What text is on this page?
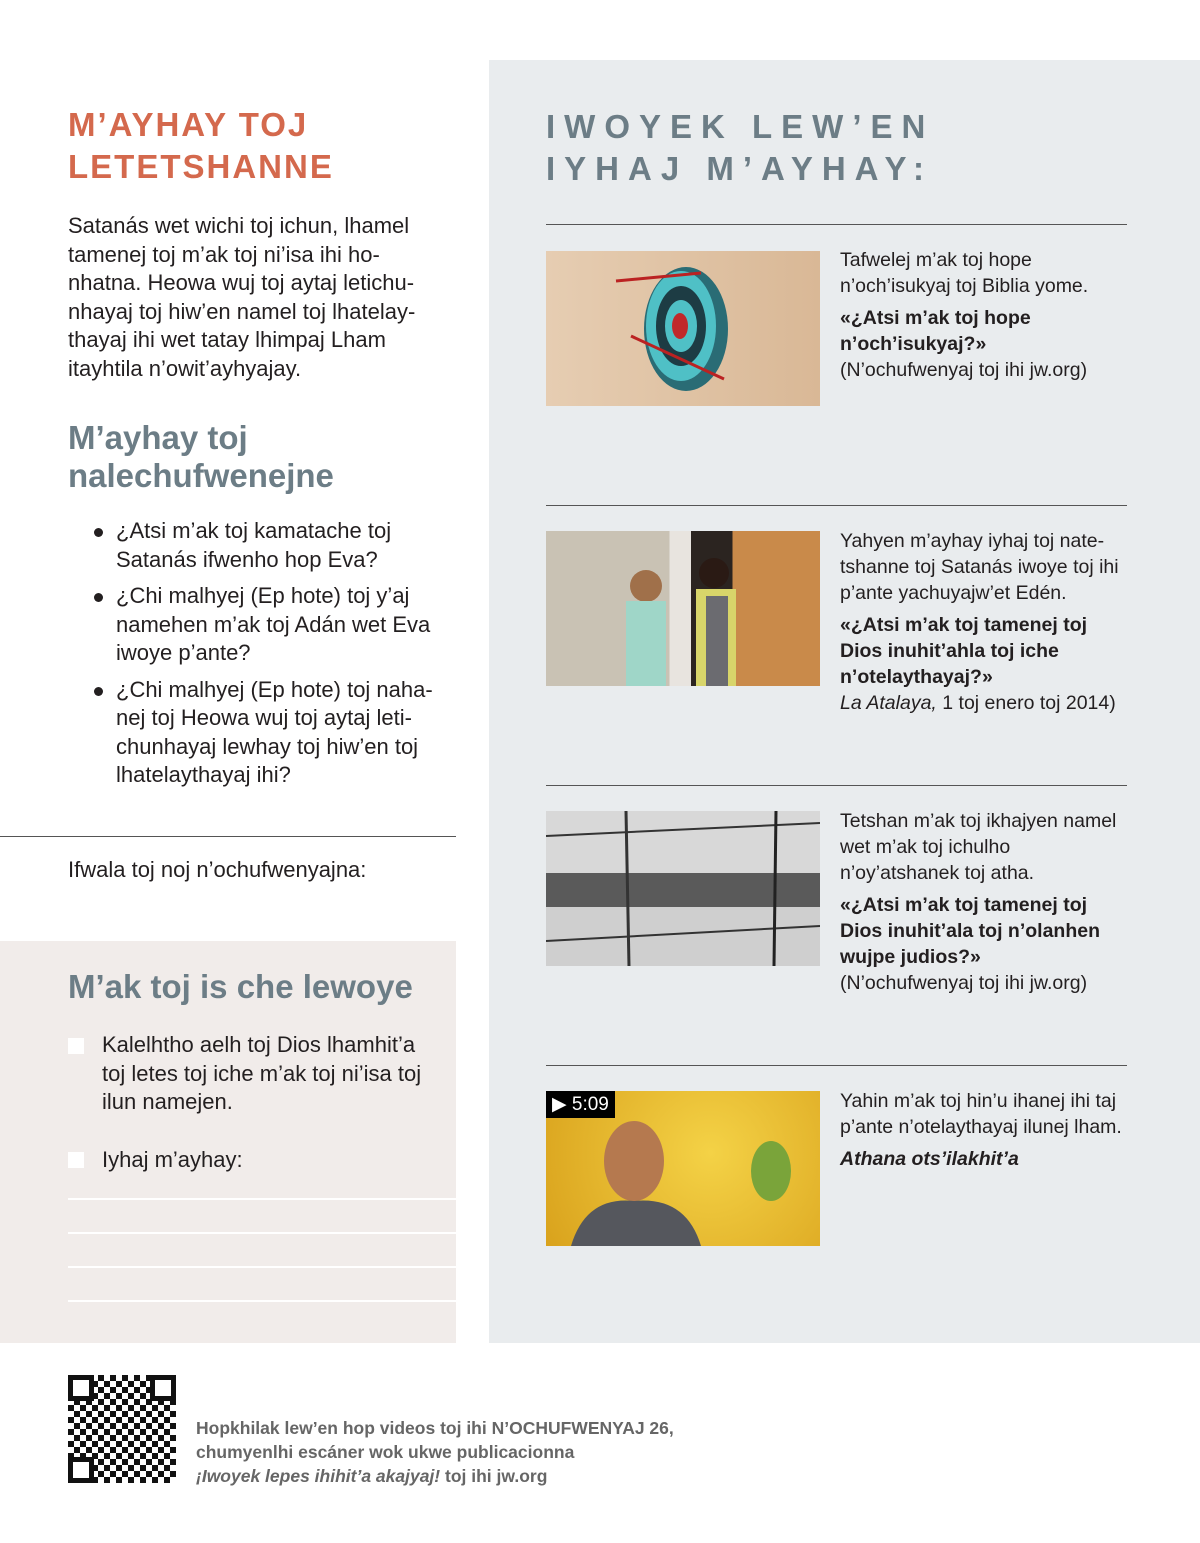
M’AYHAY TOJ
LETETSHANNE
Satanás wet wichi toj ichun, lhamel tamenej toj m’ak toj ni’isa ihi honhatna. Heowa wuj toj aytaj letichunhayaj toj hiw’en namel toj lhatelaythayaj ihi wet tatay lhimpaj Lham itayhtila n’owit’ayhyajay.
M’ayhay toj nalechufwenejne
¿Atsi m’ak toj kamatache toj Satanás ifwenho hop Eva?
¿Chi malhyej (Ep hote) toj y’aj namehen m’ak toj Adán wet Eva iwoye p’ante?
¿Chi malhyej (Ep hote) toj nahanej toj Heowa wuj toj aytaj letichunhayaj lewhay toj hiw’en toj lhatelaythayaj ihi?
Ifwala toj noj n’ochufwenyajna:
M’ak toj is che lewoye
Kalelhtho aelh toj Dios lhamhit’a toj letes toj iche m’ak toj ni’isa toj ilun namejen.
Iyhaj m’ayhay:
IWOYEK LEW’EN
IYHAJ M’AYHAY:
Tafwelej m’ak toj hope n’och’isukyaj toj Biblia yome.
«¿Atsi m’ak toj hope n’och’isukyaj?»
(N’ochufwenyaj toj ihi jw.org)
Yahyen m’ayhay iyhaj toj natetshanne toj Satanás iwoye toj ihi p’ante yachuyajw’et Edén.
«¿Atsi m’ak toj tamenej toj Dios inuhit’ahla toj iche n’otelaythayaj?»
La Atalaya, 1 toj enero toj 2014)
Tetshan m’ak toj ikhajyen namel wet m’ak toj ichulho n’oy’atshanek toj atha.
«¿Atsi m’ak toj tamenej toj Dios inuhit’ala toj n’olanhen wujpe judios?»
(N’ochufwenyaj toj ihi jw.org)
▶ 5:09	Yahin m’ak toj hin’u ihanej ihi taj p’ante n’otelaythayaj ilunej lham.
Athana ots’ilakhit’a
Hopkhilak lew’en hop videos toj ihi N’OCHUFWENYAJ 26,
chumyenlhi escáner wok ukwe publicacionna
¡Iwoyek lepes ihihit’a akajyaj! toj ihi jw.org
